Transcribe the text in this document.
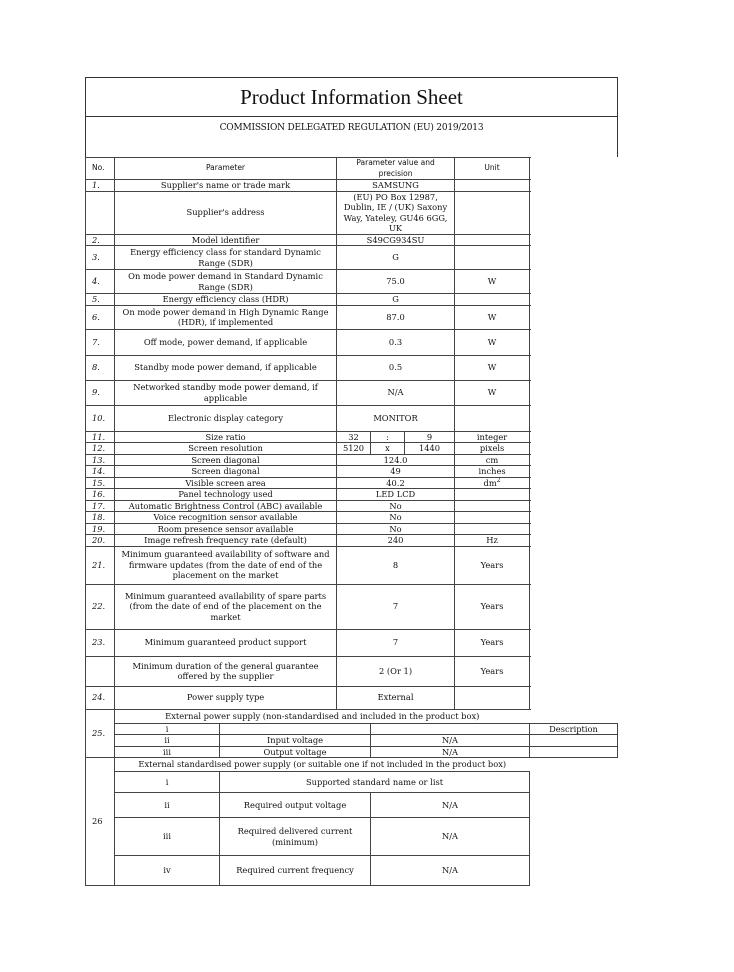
Product Information Sheet
COMMISSION DELEGATED REGULATION (EU) 2019/2013
No.	Parameter		Parameter value and precision			Unit	
1.	Supplier's name or trade mark		SAMSUNG				
	Supplier's address		(EU) PO Box 12987, Dublin, IE / (UK) Saxony Way, Yateley, GU46 6GG, UK				
2.	Model identifier		S49CG934SU				
3.	Energy efficiency class for standard Dynamic Range (SDR)		G				
4.	On mode power demand in Standard Dynamic Range (SDR)		75.0			W	
5.	Energy efficiency class (HDR)		G				
6.	On mode power demand in High Dynamic Range (HDR), if implemented		87.0			W	
7.	Off mode, power demand, if applicable		0.3			W	
8.	Standby mode power demand, if applicable		0.5			W	
9.	Networked standby mode power demand, if applicable		N/A			W	
10.	Electronic display category		MONITOR				
11.	Size ratio		32	:	9	integer	
12.	Screen resolution		5120	x	1440	pixels	
13.	Screen diagonal		124.0			cm	
14.	Screen diagonal		49			inches	
15.	Visible screen area		40.2			$dm^2$
16.	Panel technology used		LED LCD				
17.	Automatic Brightness Control (ABC) available		No				
18.	Voice recognition sensor available		No				
19.	Room presence sensor available		No				
20.	Image refresh frequency rate (default)		240			Hz	
21.	Minimum guaranteed availability of software and firmware updates (from the date of end of the placement on the market		8			Years	
22.	Minimum guaranteed availability of spare parts (from the date of end of the placement on the market		7			Years	
23.	Minimum guaranteed product support		7			Years	
	Minimum duration of the general guarantee offered by the supplier		2 (Or 1)			Years	
24.	Power supply type		External				
25.	External power supply (non-standardised and included in the product box)						
	i						Description
	ii	Input voltage		N/A		
	iii	Output voltage		N/A		
26	External standardised power supply (or suitable one if not included in the product box)						
	i	Supported standard name or list		
	ii	Required output voltage		N/A		
	iii	Required delivered current (minimum)		N/A		
	iv	Required current frequency		N/A		
